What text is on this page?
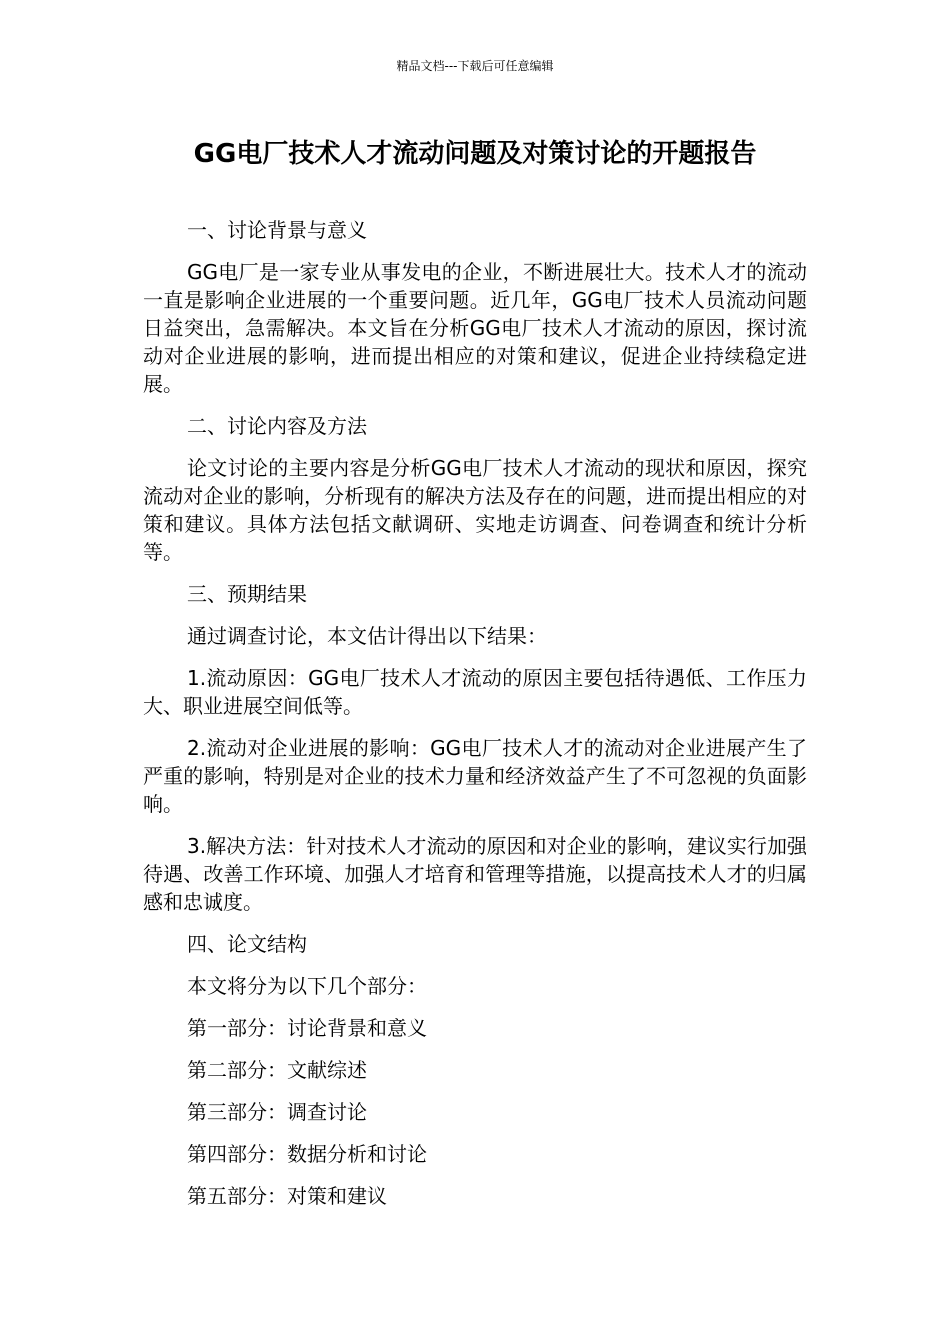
精品文档---下载后可任意编辑
GG电厂技术人才流动问题及对策讨论的开题报告

一、讨论背景与意义

GG电厂是一家专业从事发电的企业，不断进展壮大。技术人才的流动一直是影响企业进展的一个重要问题。近几年，GG电厂技术人员流动问题日益突出，急需解决。本文旨在分析GG电厂技术人才流动的原因，探讨流动对企业进展的影响，进而提出相应的对策和建议，促进企业持续稳定进展。

二、讨论内容及方法

论文讨论的主要内容是分析GG电厂技术人才流动的现状和原因，探究流动对企业的影响，分析现有的解决方法及存在的问题，进而提出相应的对策和建议。具体方法包括文献调研、实地走访调查、问卷调查和统计分析等。

三、预期结果

通过调查讨论，本文估计得出以下结果：

1.流动原因：GG电厂技术人才流动的原因主要包括待遇低、工作压力大、职业进展空间低等。

2.流动对企业进展的影响：GG电厂技术人才的流动对企业进展产生了严重的影响，特别是对企业的技术力量和经济效益产生了不可忽视的负面影响。

3.解决方法：针对技术人才流动的原因和对企业的影响，建议实行加强待遇、改善工作环境、加强人才培育和管理等措施，以提高技术人才的归属感和忠诚度。

四、论文结构

本文将分为以下几个部分：

第一部分：讨论背景和意义

第二部分：文献综述

第三部分：调查讨论

第四部分：数据分析和讨论

第五部分：对策和建议
